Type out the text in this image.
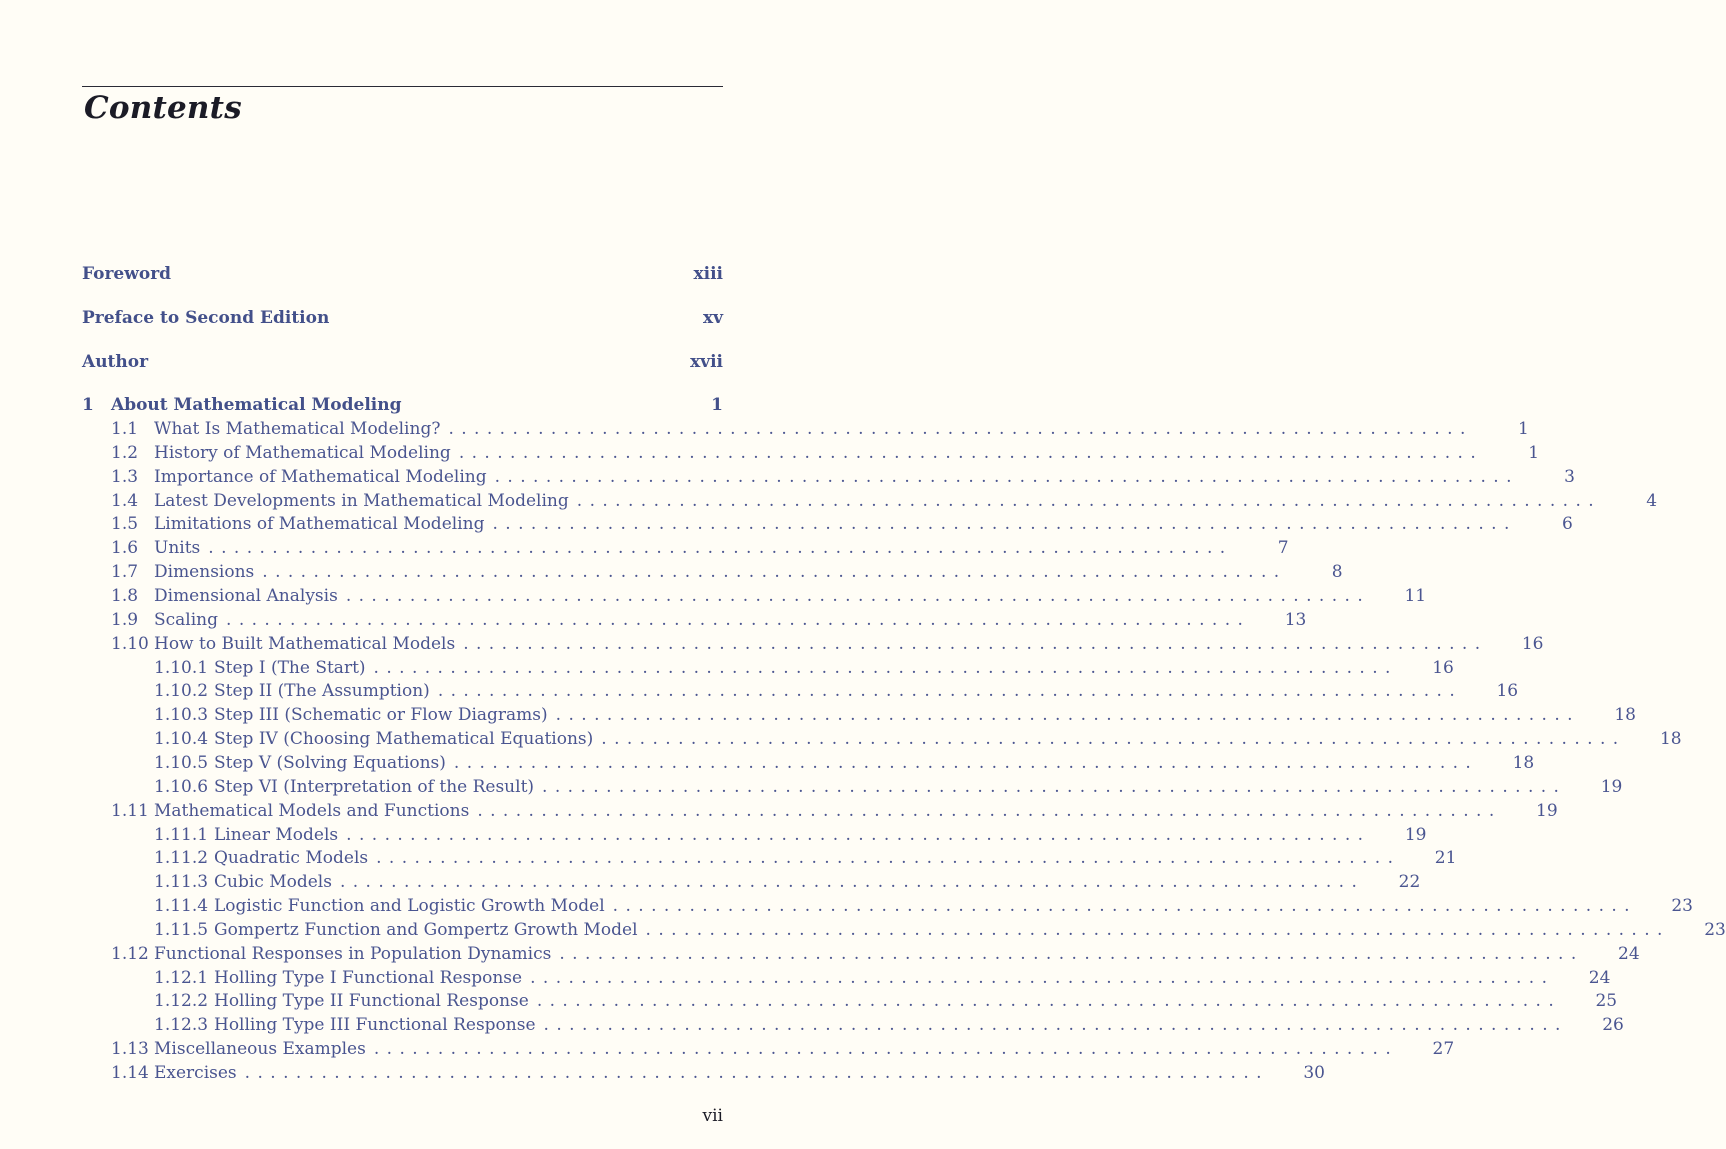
Contents
Foreword	xiii
Preface to Second Edition	xv
Author	xvii
1	About Mathematical Modeling	1
1.1 What Is Mathematical Modeling? ................................................................................	1
1.2 History of Mathematical Modeling ................................................................................	1
1.3 Importance of Mathematical Modeling ................................................................................	3
1.4 Latest Developments in Mathematical Modeling ................................................................................	4
1.5 Limitations of Mathematical Modeling ................................................................................	6
1.6 Units ................................................................................	7
1.7 Dimensions ................................................................................	8
1.8 Dimensional Analysis ................................................................................	11
1.9 Scaling ................................................................................	13
1.10 How to Built Mathematical Models ................................................................................	16
1.10.1 Step I (The Start) ................................................................................	16
1.10.2 Step II (The Assumption) ................................................................................	16
1.10.3 Step III (Schematic or Flow Diagrams) ................................................................................	18
1.10.4 Step IV (Choosing Mathematical Equations) ................................................................................	18
1.10.5 Step V (Solving Equations) ................................................................................	18
1.10.6 Step VI (Interpretation of the Result) ................................................................................	19
1.11 Mathematical Models and Functions ................................................................................	19
1.11.1 Linear Models ................................................................................	19
1.11.2 Quadratic Models ................................................................................	21
1.11.3 Cubic Models ................................................................................	22
1.11.4 Logistic Function and Logistic Growth Model ................................................................................	23
1.11.5 Gompertz Function and Gompertz Growth Model ................................................................................	23
1.12 Functional Responses in Population Dynamics ................................................................................	24
1.12.1 Holling Type I Functional Response ................................................................................	24
1.12.2 Holling Type II Functional Response ................................................................................	25
1.12.3 Holling Type III Functional Response ................................................................................	26
1.13 Miscellaneous Examples ................................................................................	27
1.14 Exercises ................................................................................	30
vii
